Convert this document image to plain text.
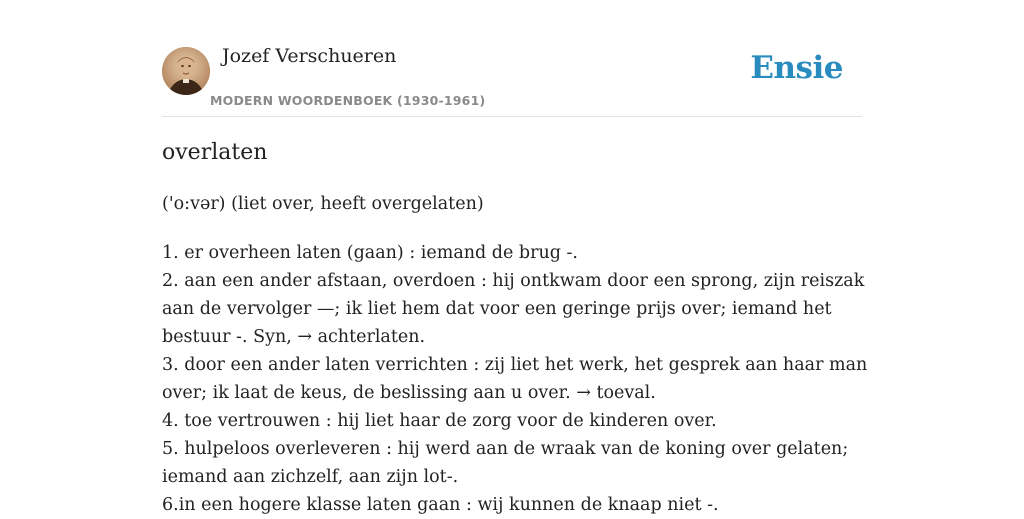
Jozef Verschueren
MODERN WOORDENBOEK (1930-1961)
Ensie
overlaten
('o:vər) (liet over, heeft overgelaten)
1. er overheen laten (gaan) : iemand de brug -.
2. aan een ander afstaan, overdoen : hij ontkwam door een sprong, zijn reiszak
aan de vervolger —; ik liet hem dat voor een geringe prijs over; iemand het
bestuur -. Syn, → achterlaten.
3. door een ander laten verrichten : zij liet het werk, het gesprek aan haar man
over; ik laat de keus, de beslissing aan u over. → toeval.
4. toe vertrouwen : hij liet haar de zorg voor de kinderen over.
5. hulpeloos overleveren : hij werd aan de wraak van de koning over gelaten;
iemand aan zichzelf, aan zijn lot-.
6.in een hogere klasse laten gaan : wij kunnen de knaap niet -.
